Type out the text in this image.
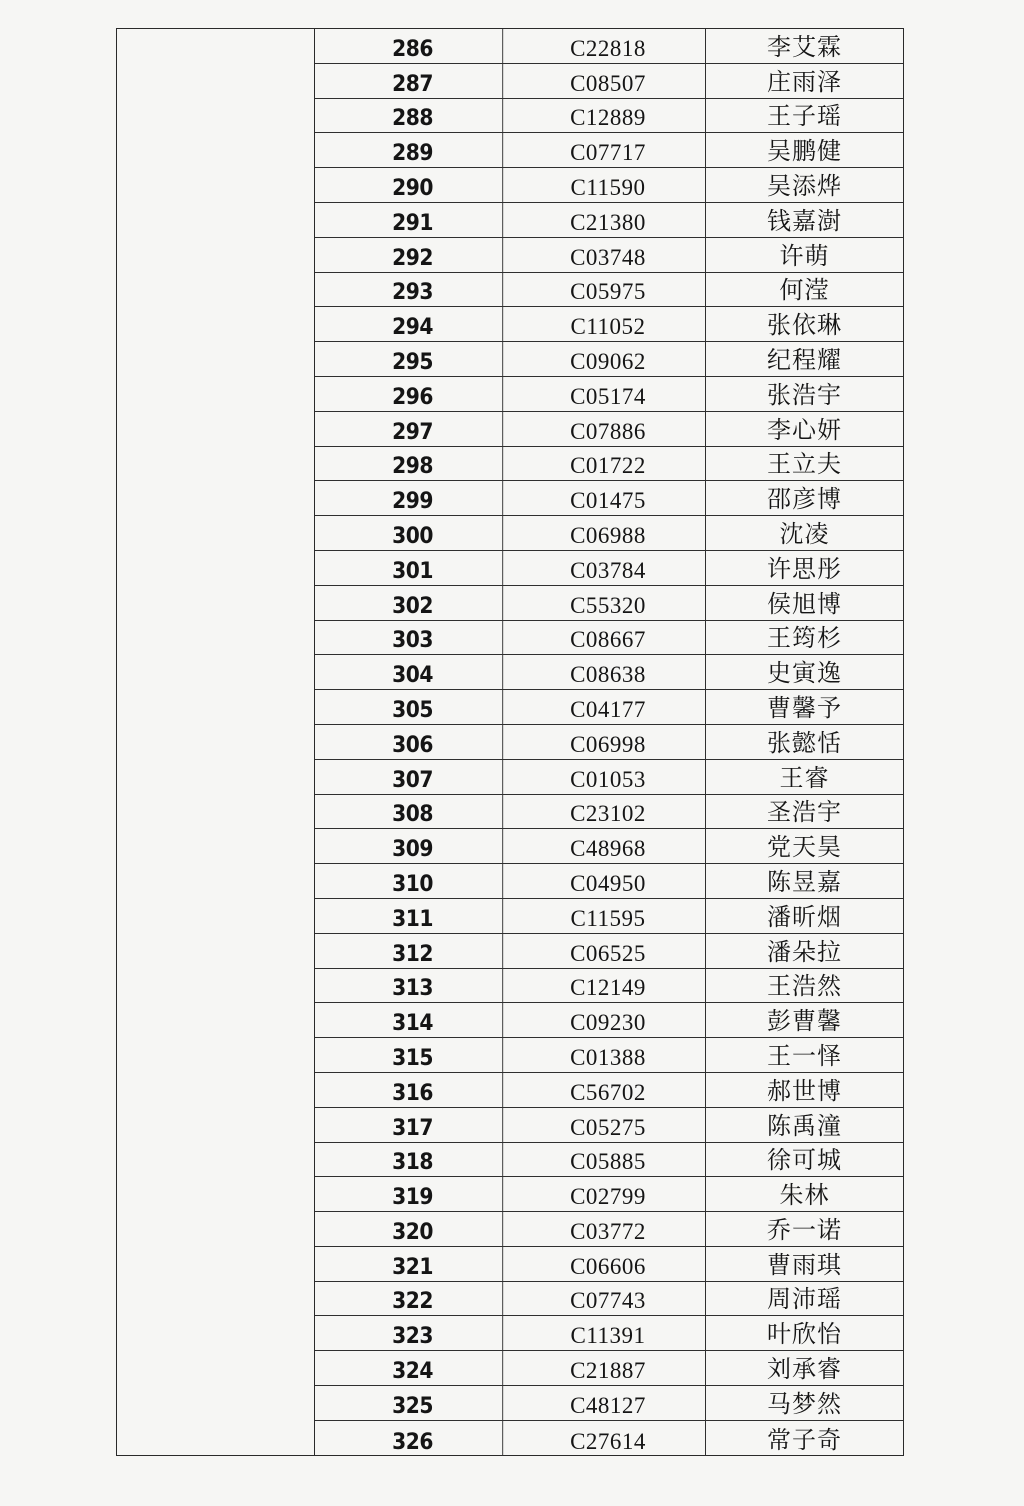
286	C22818	李艾霖
287	C08507	庄雨泽
288	C12889	王子瑶
289	C07717	吴鹏健
290	C11590	吴添烨
291	C21380	钱嘉澍
292	C03748	许萌
293	C05975	何滢
294	C11052	张依琳
295	C09062	纪程耀
296	C05174	张浩宇
297	C07886	李心妍
298	C01722	王立夫
299	C01475	邵彦博
300	C06988	沈凌
301	C03784	许思彤
302	C55320	侯旭博
303	C08667	王筠杉
304	C08638	史寅逸
305	C04177	曹馨予
306	C06998	张懿恬
307	C01053	王睿
308	C23102	圣浩宇
309	C48968	党天昊
310	C04950	陈昱嘉
311	C11595	潘昕烟
312	C06525	潘朵拉
313	C12149	王浩然
314	C09230	彭曹馨
315	C01388	王一怿
316	C56702	郝世博
317	C05275	陈禹潼
318	C05885	徐可城
319	C02799	朱林
320	C03772	乔一诺
321	C06606	曹雨琪
322	C07743	周沛瑶
323	C11391	叶欣怡
324	C21887	刘承睿
325	C48127	马梦然
326	C27614	常子奇
